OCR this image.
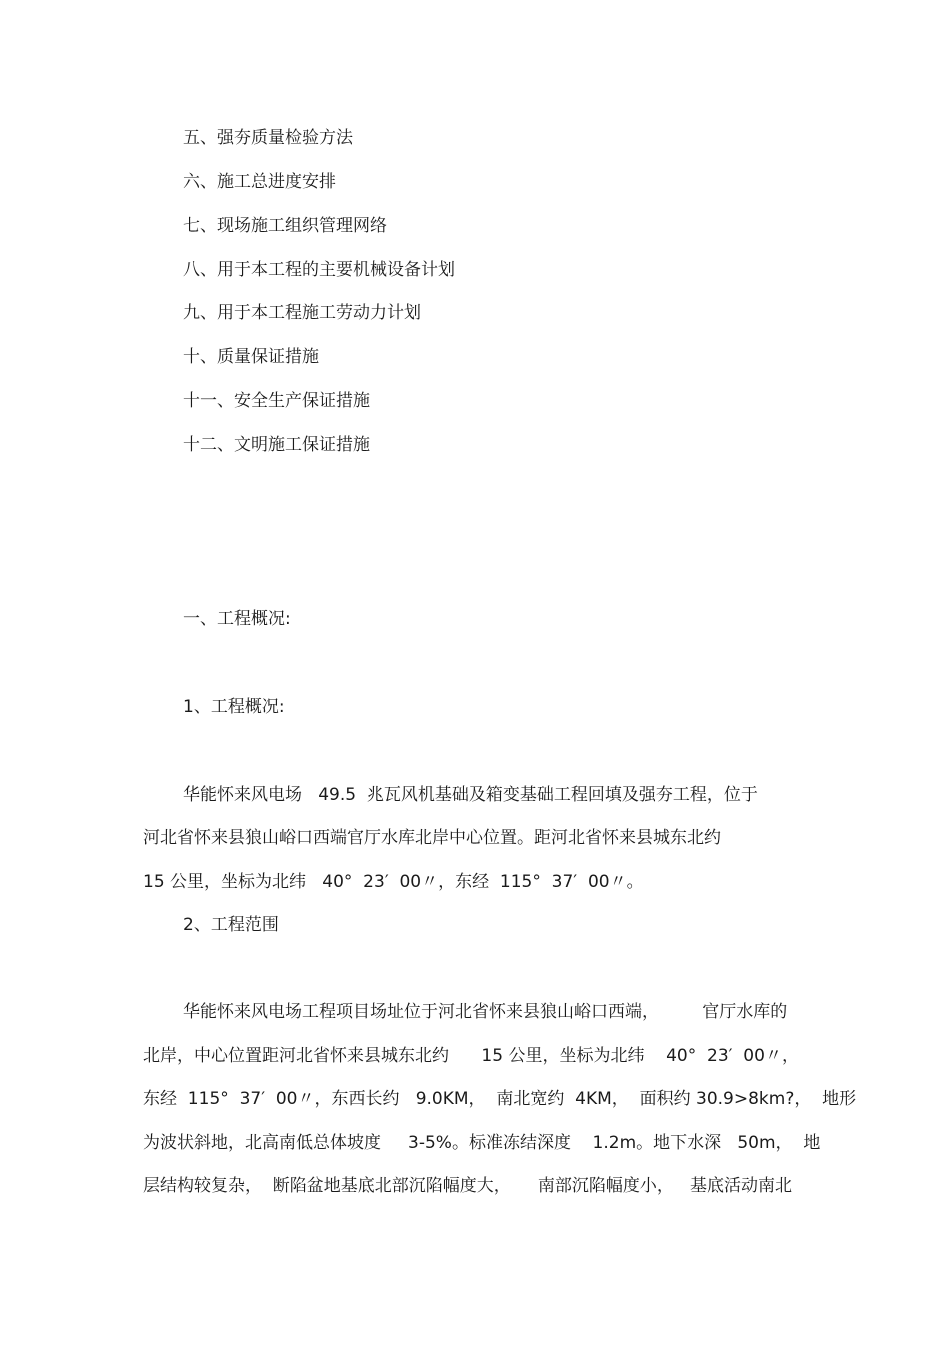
五、强夯质量检验方法
六、施工总进度安排
七、现场施工组织管理网络
八、用于本工程的主要机械设备计划
九、用于本工程施工劳动力计划
十、质量保证措施
十一、安全生产保证措施
十二、文明施工保证措施
一、工程概况:
1、工程概况:
华能怀来风电场   49.5  兆瓦风机基础及箱变基础工程回填及强夯工程，位于
河北省怀来县狼山峪口西端官厅水库北岸中心位置。距河北省怀来县城东北约
15 公里，坐标为北纬   40°  23′  00〃，东经  115°  37′  00〃。
2、工程范围
华能怀来风电场工程项目场址位于河北省怀来县狼山峪口西端，        官厅水库的
北岸，中心位置距河北省怀来县城东北约      15 公里，坐标为北纬    40°  23′  00〃，
东经  115°  37′  00〃，东西长约   9.0KM，  南北宽约  4KM，  面积约 30.9>8km?，  地形
为波状斜地，北高南低总体坡度     3-5%。标准冻结深度    1.2m。地下水深   50m，  地
层结构较复杂，  断陷盆地基底北部沉陷幅度大，     南部沉陷幅度小，   基底活动南北
